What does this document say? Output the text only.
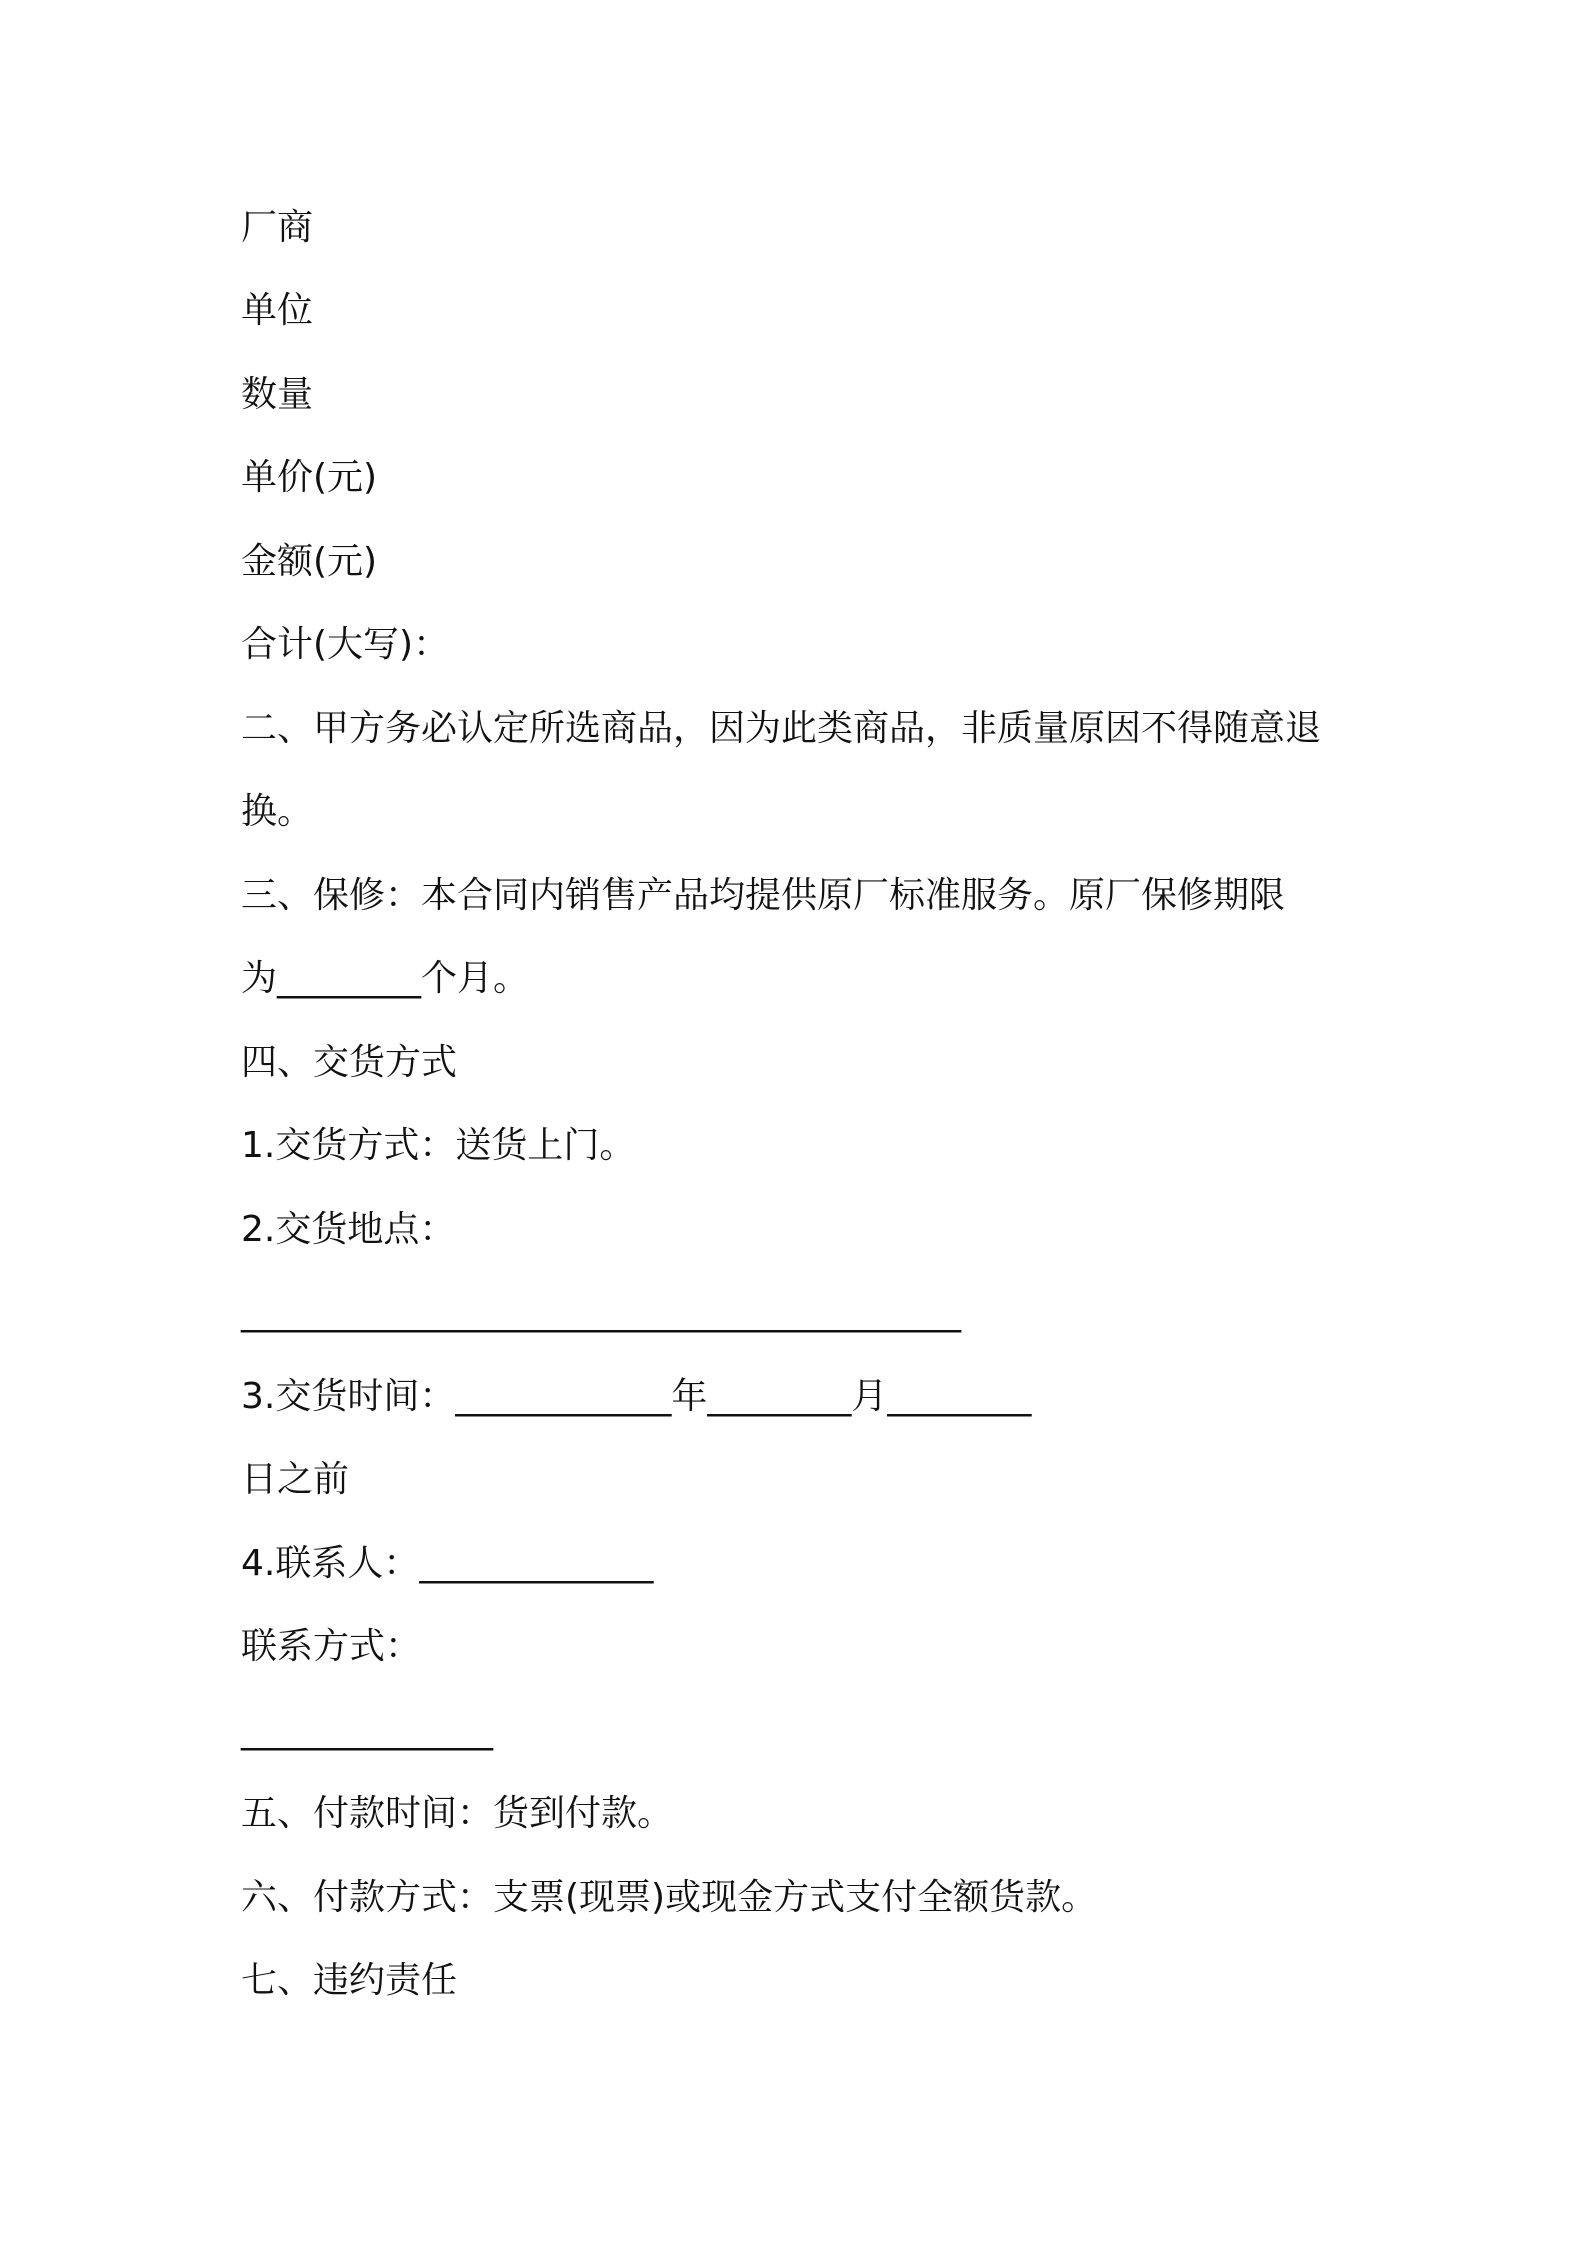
厂商
单位
数量
单价(元)
金额(元)
合计(大写)：
二、甲方务必认定所选商品，因为此类商品，非质量原因不得随意退
换。
三、保修：本合同内销售产品均提供原厂标准服务。原厂保修期限
为________个月。
四、交货方式
1.交货方式：送货上门。
2.交货地点：
________________________________________
3.交货时间：____________年________月________
日之前
4.联系人：_____________
联系方式：
______________
五、付款时间：货到付款。
六、付款方式：支票(现票)或现金方式支付全额货款。
七、违约责任
